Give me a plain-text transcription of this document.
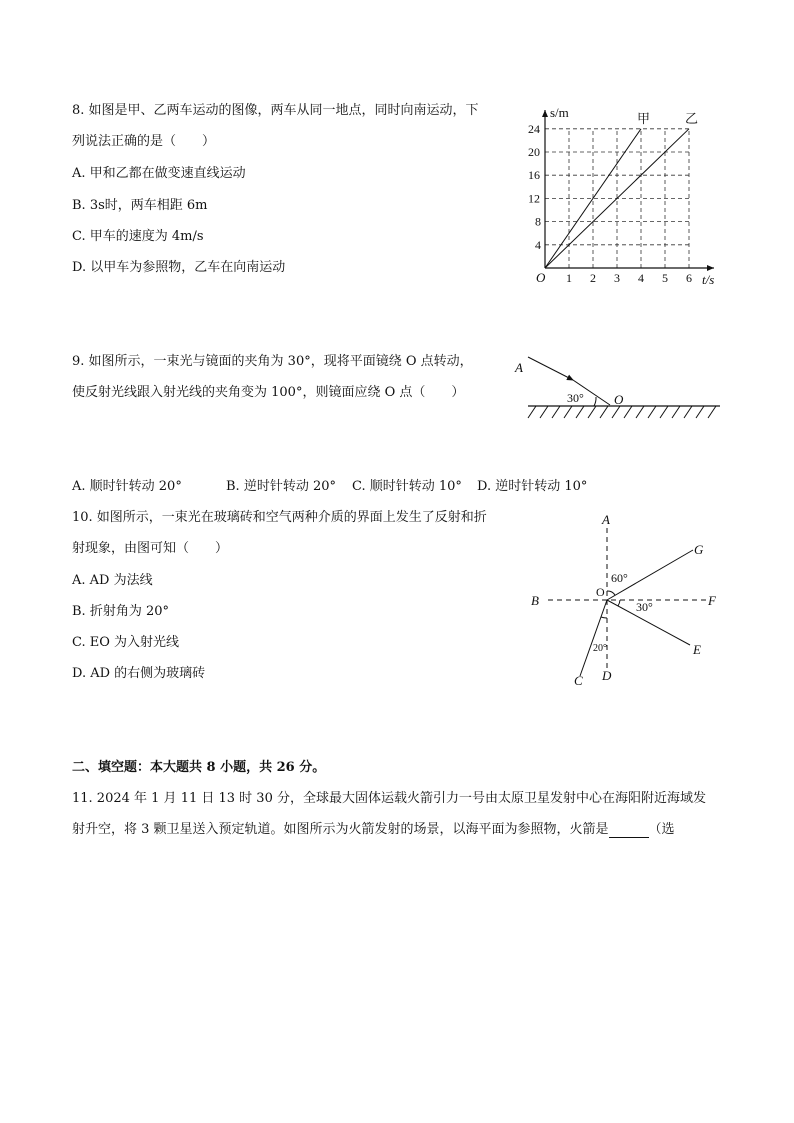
8. 如图是甲、乙两车运动的图像，两车从同一地点，同时向南运动，下
列说法正确的是（　　）
A. 甲和乙都在做变速直线运动
B. 3s时，两车相距 6m
C. 甲车的速度为 4m/s
D. 以甲车为参照物，乙车在向南运动
甲	乙
1 2 3 4 5 6
4
8
12
16
20
24
O
s/m
t/s
9. 如图所示，一束光与镜面的夹角为 30°，现将平面镜绕 O 点转动，
使反射光线跟入射光线的夹角变为 100°，则镜面应绕 O 点（　　）
A. 顺时针转动 20°	B. 逆时针转动 20° C. 顺时针转动 10° D. 逆时针转动 10°
A
O
30°
10. 如图所示，一束光在玻璃砖和空气两种介质的界面上发生了反射和折
射现象，由图可知（　　）
A. AD 为法线
B. 折射角为 20°
C. EO 为入射光线
D. AD 的右侧为玻璃砖
A
B	F
G
E
C D
O
60°
30°
20°
二、填空题：本大题共 8 小题，共 26 分。
11. 2024 年 1 月 11 日 13 时 30 分，全球最大固体运载火箭引力一号由太原卫星发射中心在海阳附近海域发
射升空，将 3 颗卫星送入预定轨道。如图所示为火箭发射的场景，以海平面为参照物，火箭是	（选
